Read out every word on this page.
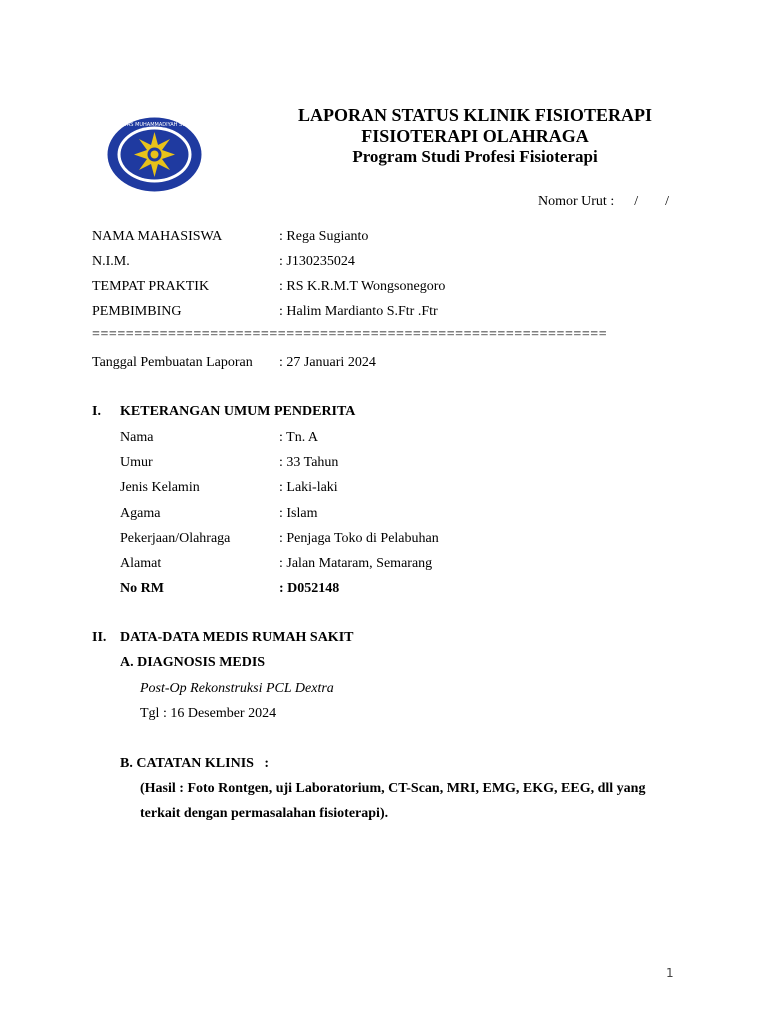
UNIVERSITAS MUHAMMADIYAH SURAKARTA	LAPORAN STATUS KLINIK FISIOTERAPI
FISIOTERAPI OLAHRAGA
Program Studi Profesi Fisioterapi
Nomor Urut : / /
NAMA MAHASISWA	: Rega Sugianto
N.I.M.	: J130235024
TEMPAT PRAKTIK	: RS K.R.M.T Wongsonegoro
PEMBIMBING	: Halim Mardianto S.Ftr .Ftr
=============================================================
Tanggal Pembuatan Laporan : 27 Januari 2024
I. KETERANGAN UMUM PENDERITA
Nama	: Tn. A
Umur	: 33 Tahun
Jenis Kelamin	: Laki-laki
Agama	: Islam
Pekerjaan/Olahraga	: Penjaga Toko di Pelabuhan
Alamat	: Jalan Mataram, Semarang
No RM	: D052148
II. DATA-DATA MEDIS RUMAH SAKIT
A. DIAGNOSIS MEDIS
Post-Op Rekonstruksi PCL Dextra
Tgl : 16 Desember 2024
B. CATATAN KLINIS   :
(Hasil : Foto Rontgen, uji Laboratorium, CT-Scan, MRI, EMG, EKG, EEG, dll yang
terkait dengan permasalahan fisioterapi).
1
